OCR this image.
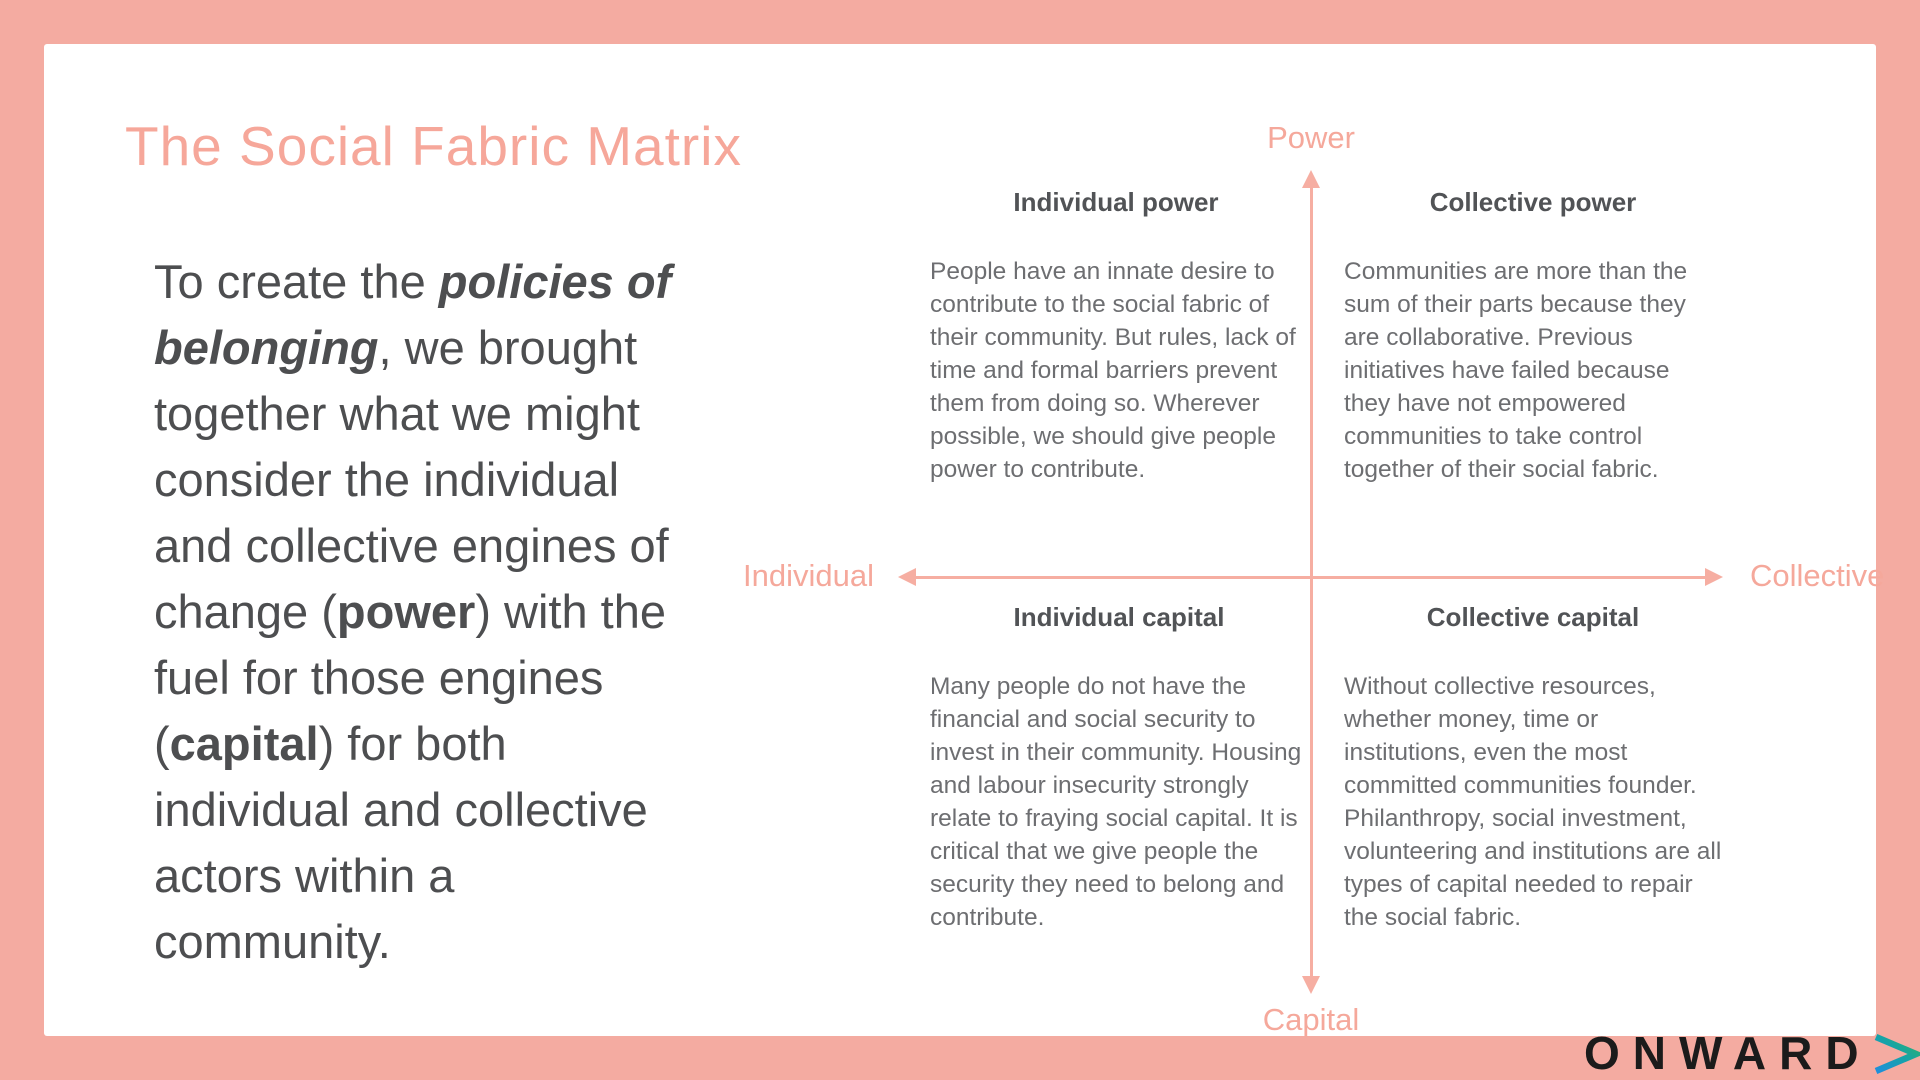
The Social Fabric Matrix
To create the policies of
belonging, we brought
together what we might
consider the individual
and collective engines of
change (power) with the
fuel for those engines
(capital) for both
individual and collective
actors within a
community.
Power
Capital
Individual	Collective
Individual power

People have an innate desire to contribute to the social fabric of their community. But rules, lack of time and formal barriers prevent them from doing so. Wherever possible, we should give people power to contribute.

Collective power

Communities are more than the sum of their parts because they are collaborative. Previous initiatives have failed because they have not empowered communities to take control together of their social fabric.

Individual capital

Many people do not have the financial and social security to invest in their community. Housing and labour insecurity strongly relate to fraying social capital. It is critical that we give people the security they need to belong and contribute.

Collective capital

Without collective resources, whether money, time or institutions, even the most committed communities founder. Philanthropy, social investment, volunteering and institutions are all types of capital needed to repair the social fabric.

ONWARD
